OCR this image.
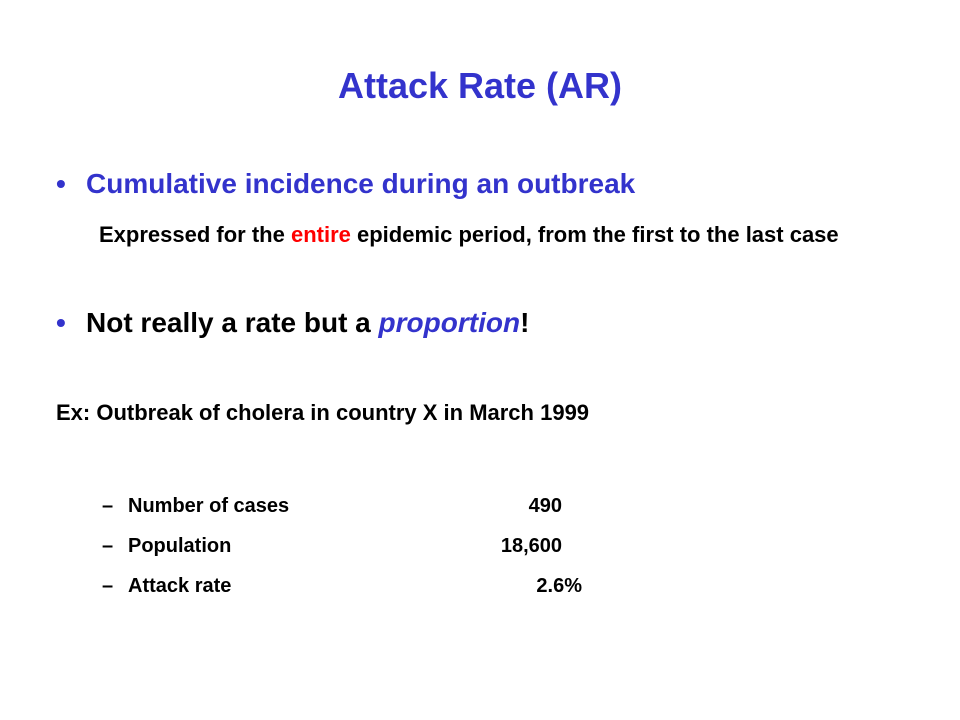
Attack Rate (AR)
• Cumulative incidence during an outbreak
Expressed for the entire epidemic period, from the first to the last case
• Not really a rate but a proportion!
Ex: Outbreak of cholera in country X in March 1999
– Number of cases	490
– Population	18,600
– Attack rate	2.6%
